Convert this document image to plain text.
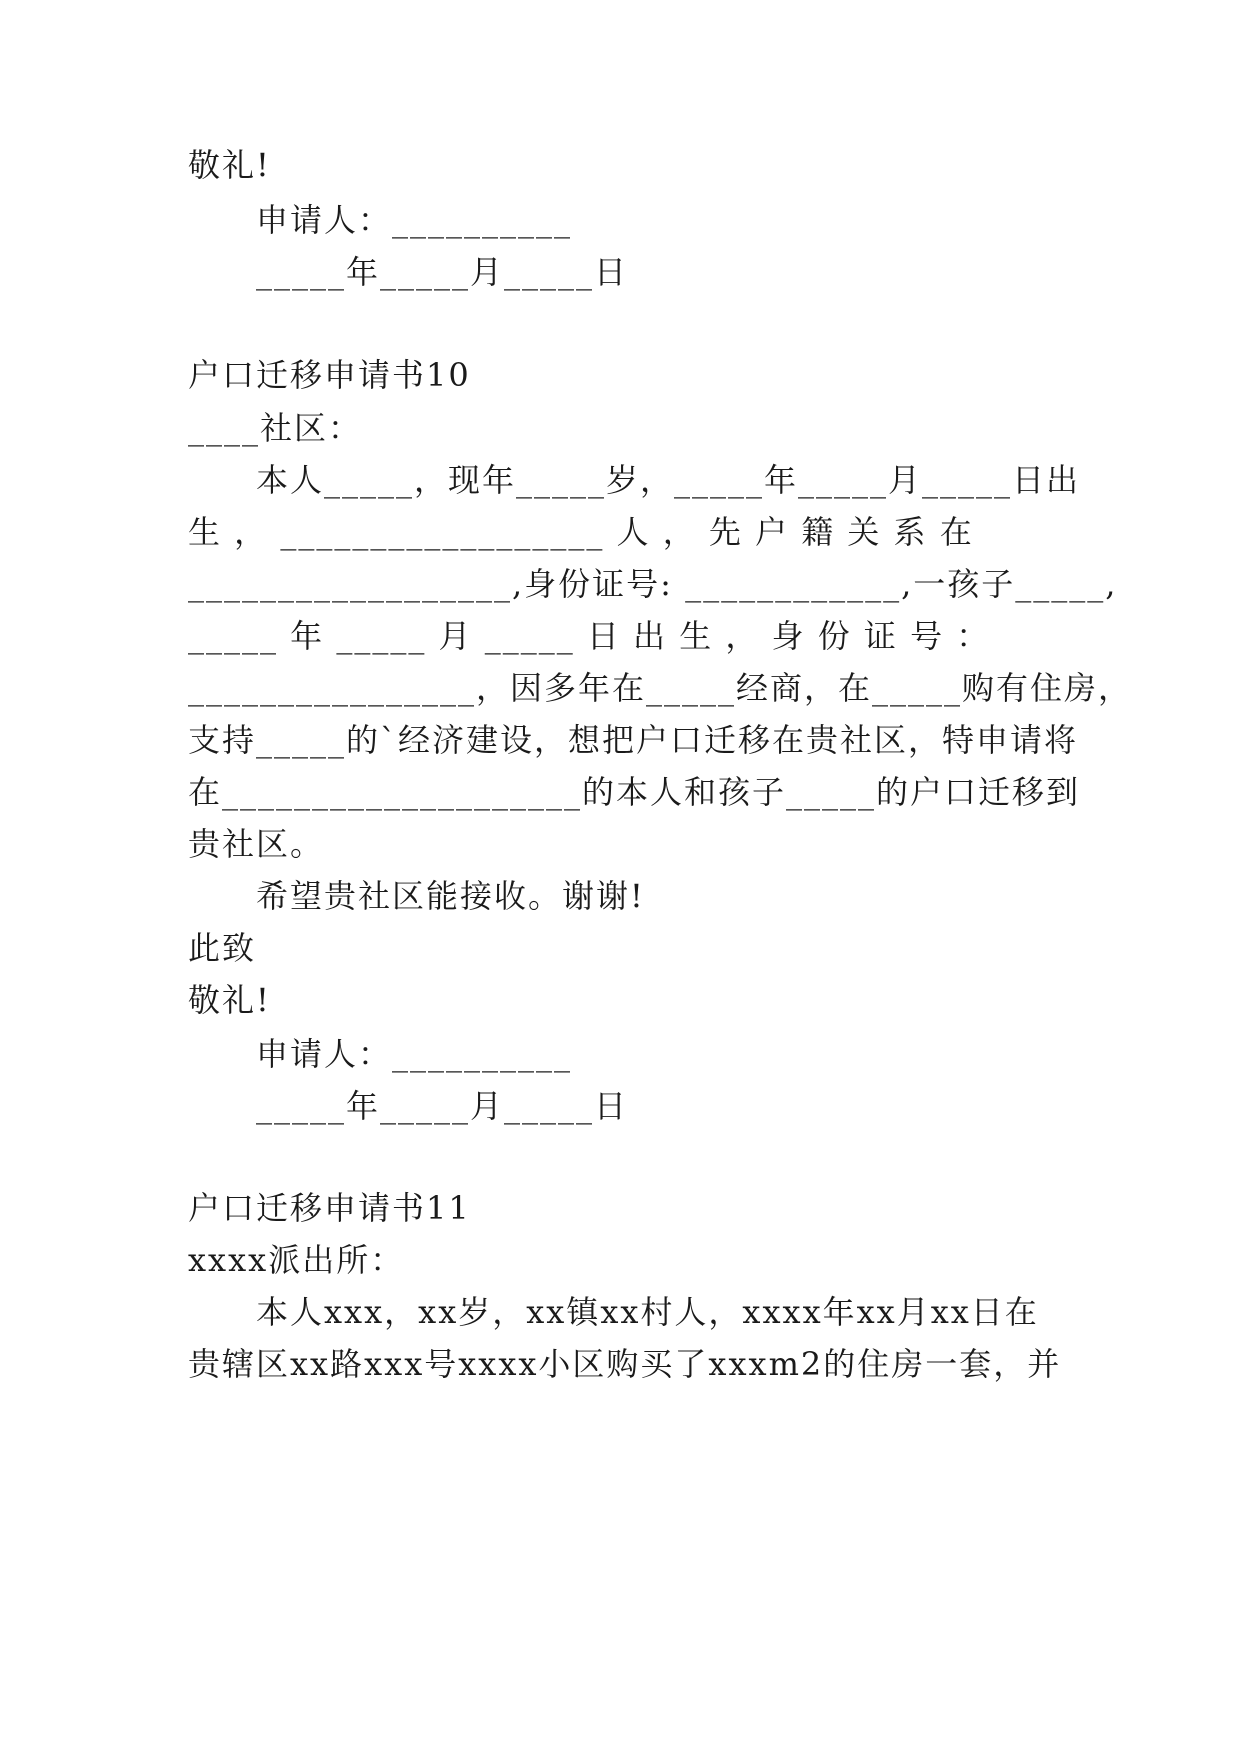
敬礼!
申请人：__________
_____年_____月_____日
户口迁移申请书10
____社区：
本人_____，现年_____岁，_____年_____月_____日出
生 ， __________________ 人 ， 先 户 籍 关 系 在
__________________,身份证号: ____________,一孩子_____,
_____ 年 _____ 月 _____ 日 出 生 ， 身 份 证 号 ：
________________，因多年在_____经商，在_____购有住房，
支持_____的`经济建设，想把户口迁移在贵社区，特申请将
在____________________的本人和孩子_____的户口迁移到
贵社区。
希望贵社区能接收。谢谢!
此致
敬礼!
申请人：__________
_____年_____月_____日
户口迁移申请书11
xxxx派出所：
本人xxx，xx岁，xx镇xx村人，xxxx年xx月xx日在
贵辖区xx路xxx号xxxx小区购买了xxxm2的住房一套，并
